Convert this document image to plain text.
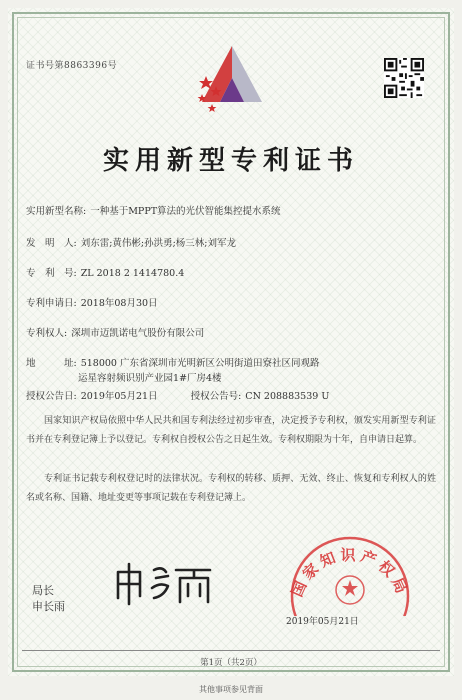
证书号第8863396号
实用新型专利证书
实用新型名称: 一种基于MPPT算法的光伏智能集控提水系统
发　明　人: 刘东雷;黄伟彬;孙洪勇;杨三林;刘军龙
专　利　号: ZL 2018 2 1414780.4
专利申请日: 2018年08月30日
专利权人: 深圳市迈凯诺电气股份有限公司
地　　　址: 518000 广东省深圳市光明新区公明街道田寮社区同观路
运星容射频识别产业园1#厂房4楼
授权公告日: 2019年05月21日	授权公告号: CN 208883539 U

国家知识产权局依照中华人民共和国专利法经过初步审查，决定授予专利权，颁发实用新型专利证书并在专利登记簿上予以登记。专利权自授权公告之日起生效。专利权期限为十年，自申请日起算。

专利证书记载专利权登记时的法律状况。专利权的转移、质押、无效、终止、恢复和专利权人的姓名或名称、国籍、地址变更等事项记载在专利登记簿上。

国家知识产权局
2019年05月21日
局长
申长雨
第1页（共2页）
其他事项参见背面
